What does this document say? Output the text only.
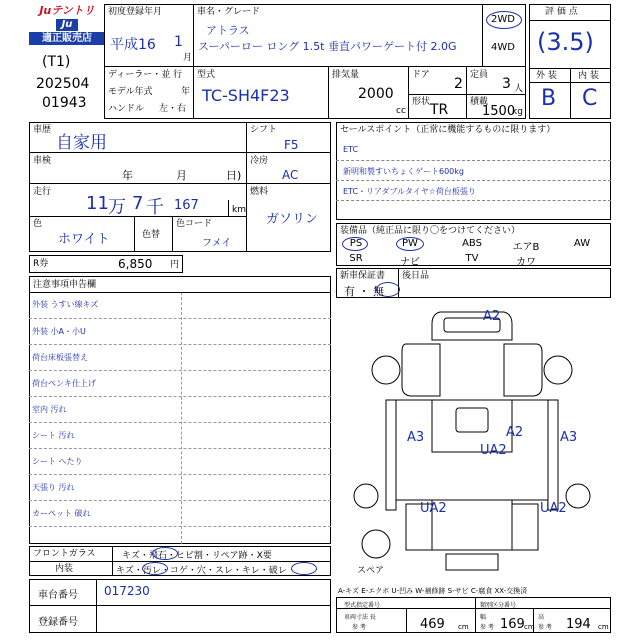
Juテントリ
Ju
適正販売店
(T1)
202504
01943
初度登録年月
平成16 1
月
車名・グレード
アトラス
スーパーロー ロング 1.5t 垂直パワーゲート付 2.0G
2WD
4WD
ディーラー・並 行
モデル年式	年
ハンドル 左・右
型式
TC-SH4F23
排気量
2000
cc
ドア
2
定員
3 人
形状 TR 積載
1500
kg
評 価 点
(3.5)
外 装 内 装
B C
車歴
自家用
車検
年	月	日)
走行
11 万 7 千 167	km
色
ホワイト	色替
色コード
フメイ
シフト
F5
冷房
AC
燃料
ガソリン
R券	6,850 円
セールスポイント（正常に機能するものに限ります）
ETC
新明和製すいちょくゲート600kg
ETC・リアダブルタイヤ☆荷台板張り
装備品（純正品に限り〇をつけてください）
PS	PW	ABS	エアB	AW
SR	ナビ	TV	カワ
新車保証書 後日品
有 ・ 無
注意事項申告欄
外装 うすい線キズ
外装 小A・小U
荷台床板張替え
荷台ペンキ仕上げ
室内 汚れ
シート 汚れ
シート へたり
天張り 汚れ
カーペット 破れ
A2
A3
UA2
A2	A3
UA2	UA2
スペア
A-キズ E-エクボ U-凹み W-補修跡 S-サビ C-腐食 XX-交換済
型式指定番号	類別区分番号
車両寸法 長
参 考	469 cm
幅
参 考 169 cm
高
参 考 194 cm
フロントガラス	キズ・飛石・ヒビ割・リペア跡・X要
内装	キズ・汚レ・コゲ・穴・スレ・キレ・破レ
車台番号 017230
登録番号
